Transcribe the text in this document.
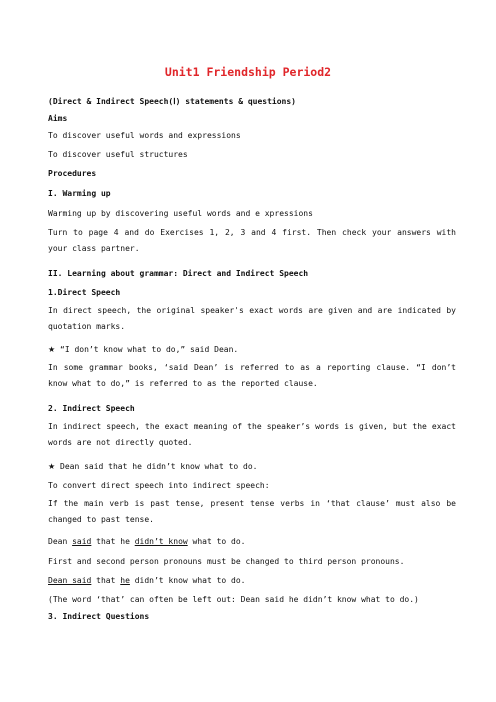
Unit1 Friendship Period2
(Direct & Indirect Speech(Ⅰ) statements & questions)
Aims
To discover useful words and expressions
To discover useful structures
Procedures
I. Warming up
Warming up by discovering useful words and e xpressions
Turn to page 4 and do Exercises 1, 2, 3 and 4 first. Then check your answers with your class partner.
II. Learning about grammar: Direct and Indirect Speech
1.Direct Speech
In direct speech, the original speaker's exact words are given and are indicated by quotation marks.
★ “I don’t know what to do,” said Dean.
In some grammar books, ‘said Dean’ is referred to as a reporting clause. “I don’t know what to do,” is referred to as the reported clause.
2. Indirect Speech
In indirect speech, the exact meaning of the speaker’s words is given, but the exact words are not directly quoted.
★ Dean said that he didn’t know what to do.
To convert direct speech into indirect speech:
If the main verb is past tense, present tense verbs in ‘that clause’ must also be changed to past tense.
Dean said that he didn’t know what to do.
First and second person pronouns must be changed to third person pronouns.
Dean said that he didn’t know what to do.
(The word ‘that’ can often be left out: Dean said he didn’t know what to do.)
3. Indirect Questions
